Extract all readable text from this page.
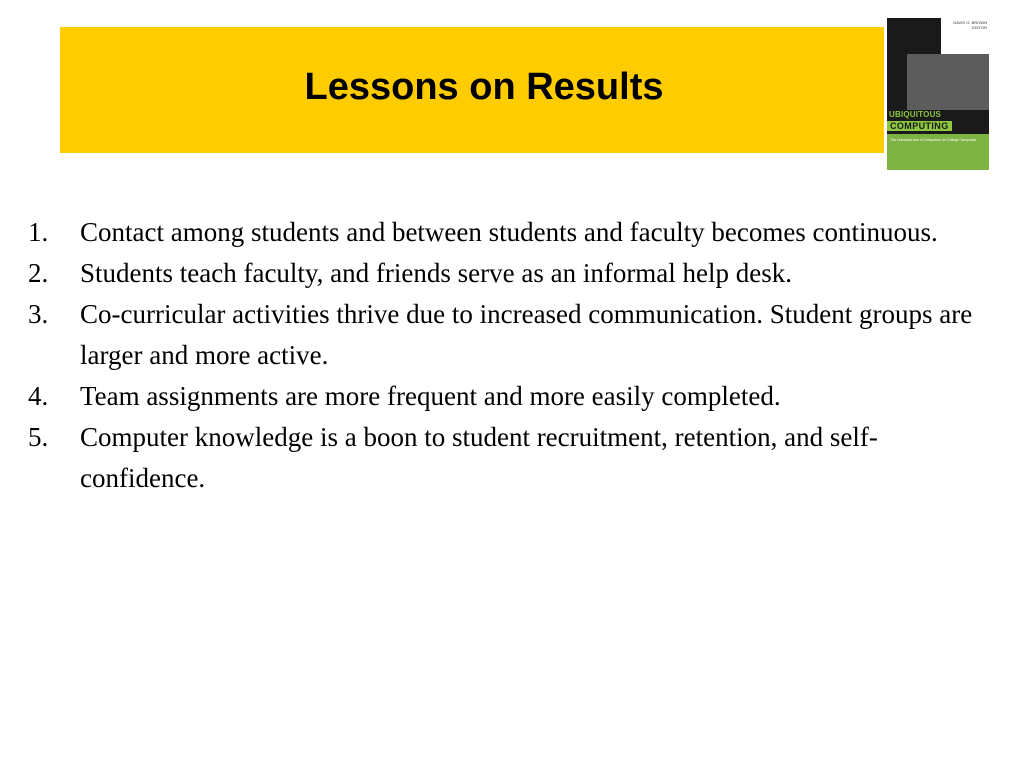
Lessons on Results
DAVID G. BROWN EDITOR
UBIQUITOUS
COMPUTING
The Universal Use of Computers on College Campuses
1.	Contact among students and between students and faculty becomes continuous.
2.	Students teach faculty, and friends serve as an informal help desk.
3.	Co-curricular activities thrive due to increased communication. Student groups are larger and more active.
4.	Team assignments are more frequent and more easily completed.
5.	Computer knowledge is a boon to student recruitment, retention, and self-confidence.
